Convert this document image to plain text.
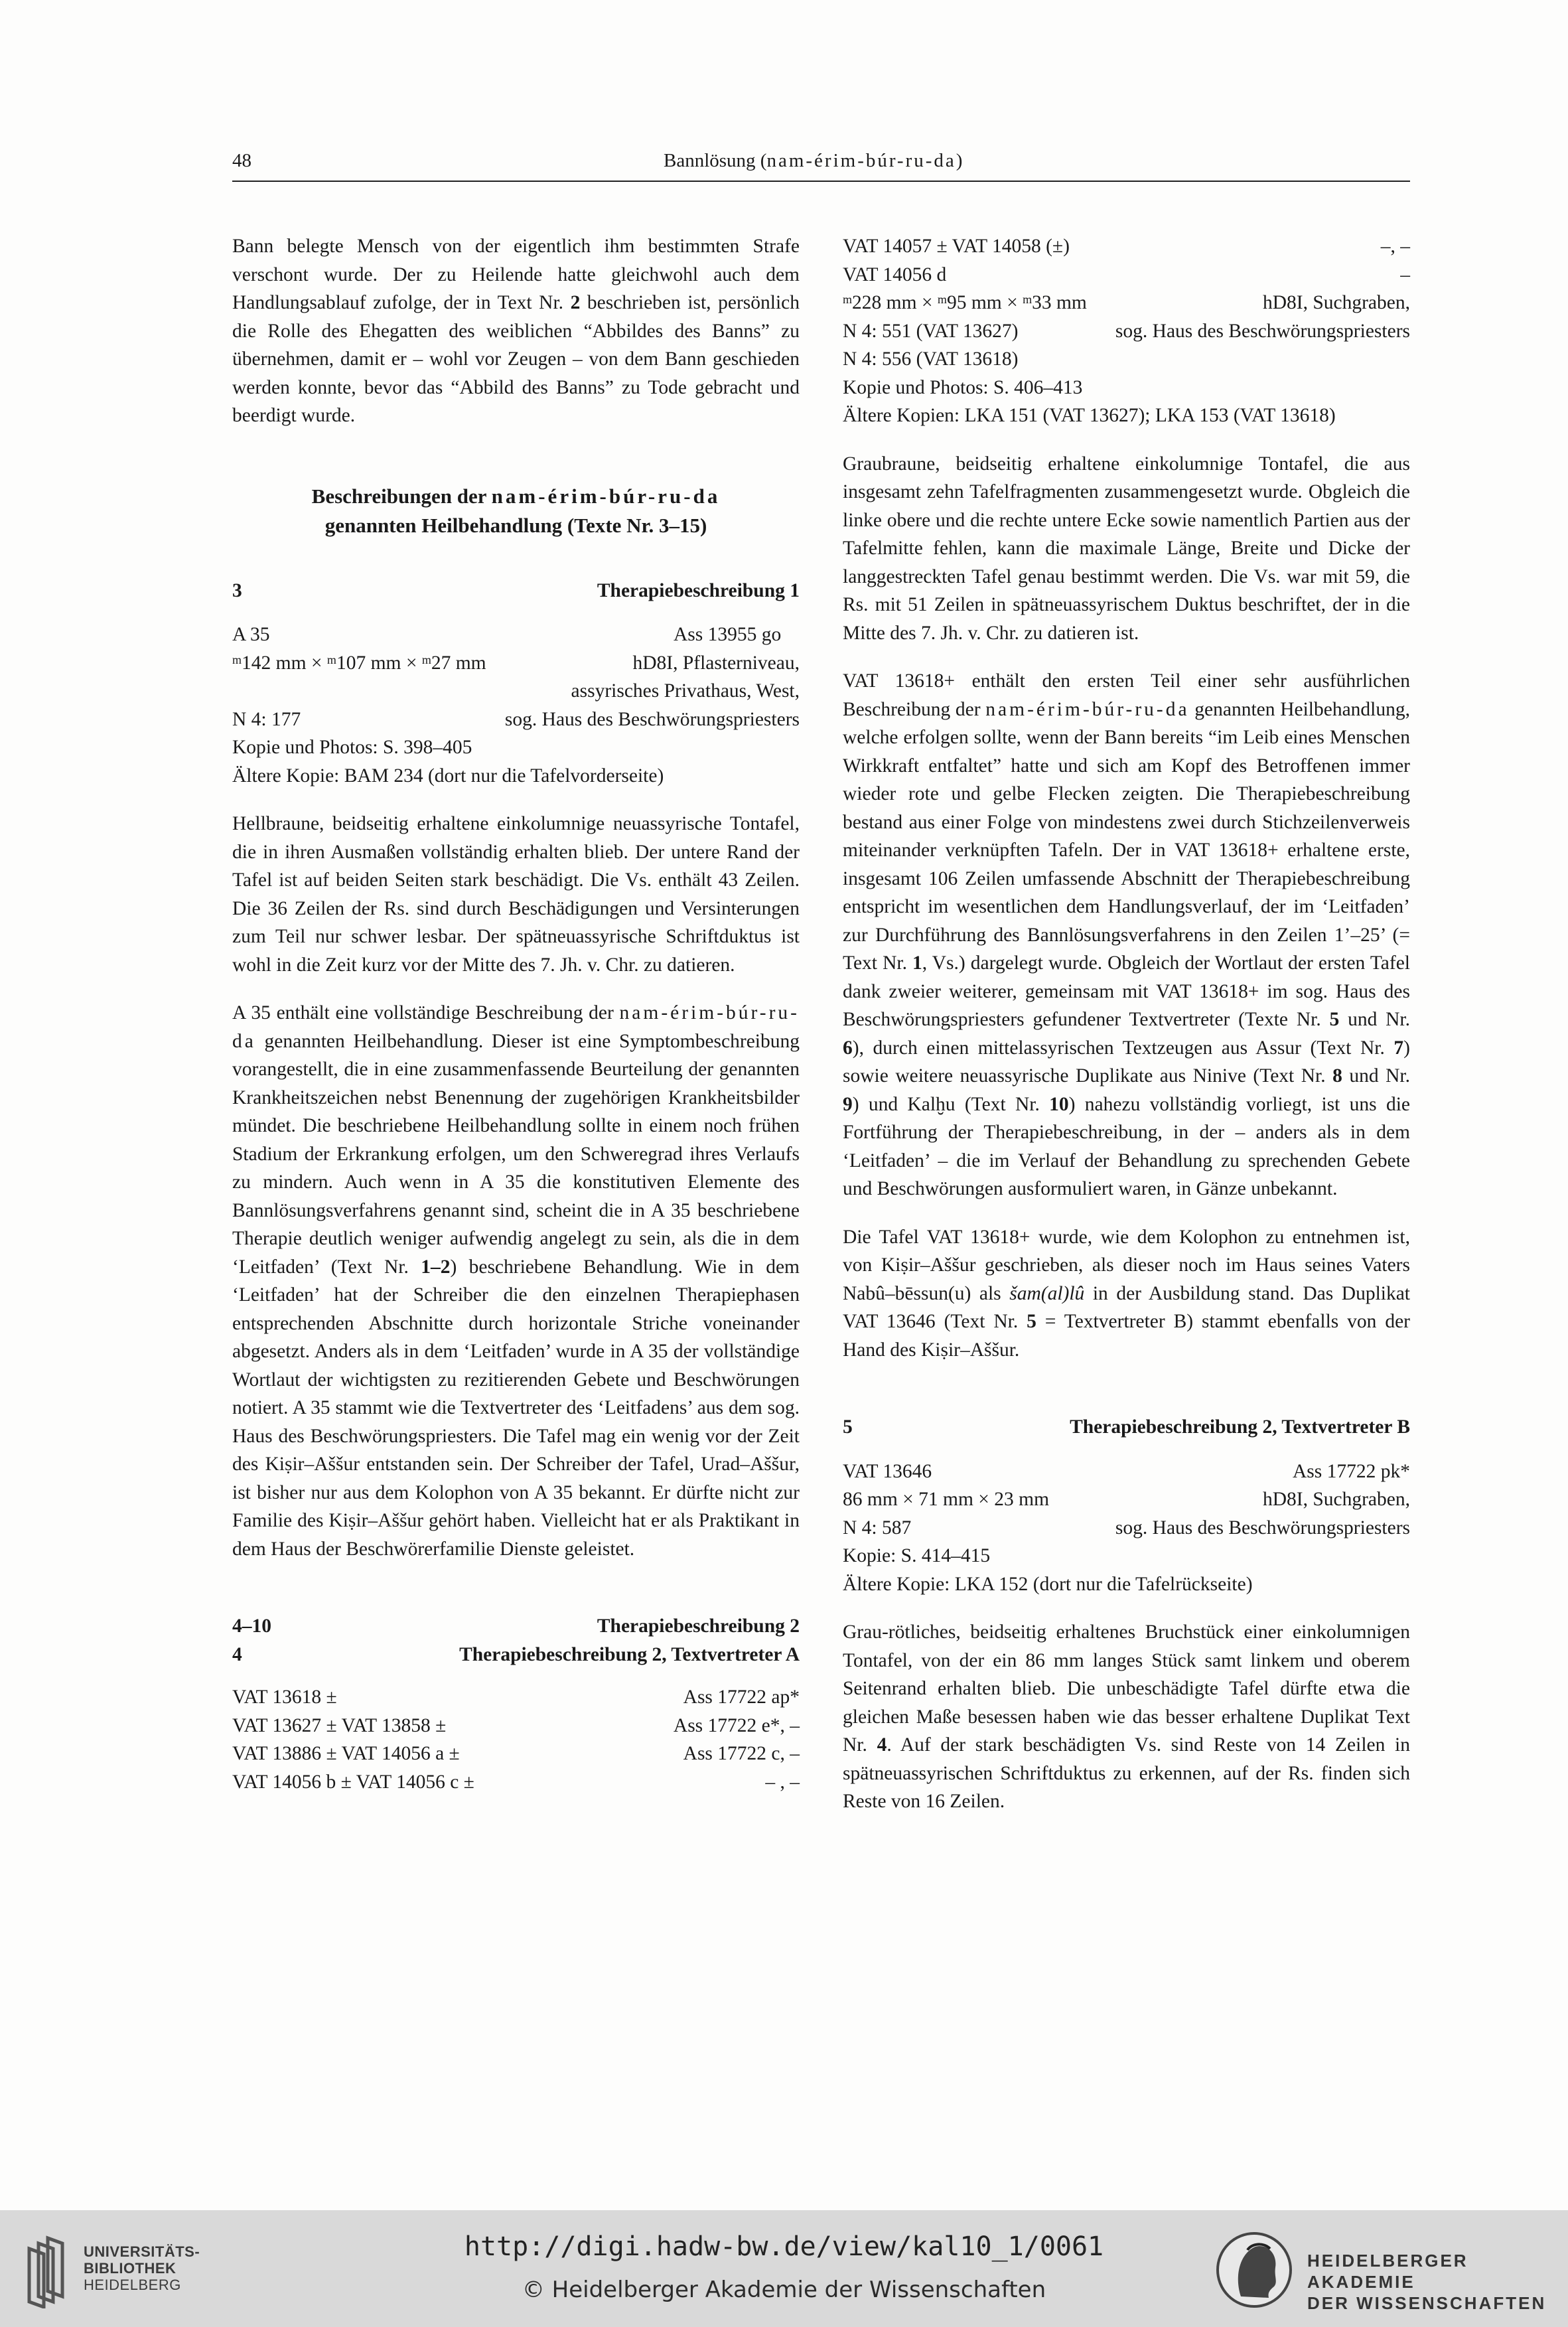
48	Bannlösung (nam-érim-búr-ru-da)

Bann belegte Mensch von der eigentlich ihm bestimmten Strafe verschont wurde. Der zu Heilende hatte gleichwohl auch dem Handlungsablauf zufolge, der in Text Nr. 2 beschrieben ist, persönlich die Rolle des Ehegatten des weiblichen “Abbildes des Banns” zu übernehmen, damit er – wohl vor Zeugen – von dem Bann geschieden werden konnte, bevor das “Abbild des Banns” zu Tode gebracht und beerdigt wurde.

Beschreibungen der nam-érim-búr-ru-da
genannten Heilbehandlung (Texte Nr. 3–15)
3	Therapiebeschreibung 1
A 35	Ass 13955 go
$^m$142 mm × $^m$107 mm × $^m$27 mm	hD8I, Pflasterniveau,
assyrisches Privathaus, West,
N 4: 177	sog. Haus des Beschwörungspriesters
Kopie und Photos: S. 398–405
Ältere Kopie: BAM 234 (dort nur die Tafelvorderseite)

Hellbraune, beidseitig erhaltene einkolumnige neuassyrische Tontafel, die in ihren Ausmaßen vollständig erhalten blieb. Der untere Rand der Tafel ist auf beiden Seiten stark beschädigt. Die Vs. enthält 43 Zeilen. Die 36 Zeilen der Rs. sind durch Beschädigungen und Versinterungen zum Teil nur schwer lesbar. Der spätneuassyrische Schriftduktus ist wohl in die Zeit kurz vor der Mitte des 7. Jh. v. Chr. zu datieren.

A 35 enthält eine vollständige Beschreibung der nam-érim-búr-ru-da genannten Heilbehandlung. Dieser ist eine Symptombeschreibung vorangestellt, die in eine zusammenfassende Beurteilung der genannten Krankheitszeichen nebst Benennung der zugehörigen Krankheitsbilder mündet. Die beschriebene Heilbehandlung sollte in einem noch frühen Stadium der Erkrankung erfolgen, um den Schweregrad ihres Verlaufs zu mindern. Auch wenn in A 35 die konstitutiven Elemente des Bannlösungsverfahrens genannt sind, scheint die in A 35 beschriebene Therapie deutlich weniger aufwendig angelegt zu sein, als die in dem ‘Leitfaden’ (Text Nr. 1–2) beschriebene Behandlung. Wie in dem ‘Leitfaden’ hat der Schreiber die den einzelnen Therapiephasen entsprechenden Abschnitte durch horizontale Striche voneinander abgesetzt. Anders als in dem ‘Leitfaden’ wurde in A 35 der vollständige Wortlaut der wichtigsten zu rezitierenden Gebete und Beschwörungen notiert. A 35 stammt wie die Textvertreter des ‘Leitfadens’ aus dem sog. Haus des Beschwörungspriesters. Die Tafel mag ein wenig vor der Zeit des Kiṣir–Aššur entstanden sein. Der Schreiber der Tafel, Urad–Aššur, ist bisher nur aus dem Kolophon von A 35 bekannt. Er dürfte nicht zur Familie des Kiṣir–Aššur gehört haben. Vielleicht hat er als Praktikant in dem Haus der Beschwörerfamilie Dienste geleistet.

4–10	Therapiebeschreibung 2
4	Therapiebeschreibung 2, Textvertreter A
VAT 13618 ±	Ass 17722 ap*
VAT 13627 ± VAT 13858 ±	Ass 17722 e*, –
VAT 13886 ± VAT 14056 a ±	Ass 17722 c, –
VAT 14056 b ± VAT 14056 c ±	– , –
VAT 14057 ± VAT 14058 (±)	–, –
VAT 14056 d	–
$^m$228 mm × $^m$95 mm × $^m$33 mm	hD8I, Suchgraben,
N 4: 551 (VAT 13627)	sog. Haus des Beschwörungspriesters
N 4: 556 (VAT 13618)
Kopie und Photos: S. 406–413
Ältere Kopien: LKA 151 (VAT 13627); LKA 153 (VAT 13618)

Graubraune, beidseitig erhaltene einkolumnige Tontafel, die aus insgesamt zehn Tafelfragmenten zusammengesetzt wurde. Obgleich die linke obere und die rechte untere Ecke sowie namentlich Partien aus der Tafelmitte fehlen, kann die maximale Länge, Breite und Dicke der langgestreckten Tafel genau bestimmt werden. Die Vs. war mit 59, die Rs. mit 51 Zeilen in spätneuassyrischem Duktus beschriftet, der in die Mitte des 7. Jh. v. Chr. zu datieren ist.

VAT 13618+ enthält den ersten Teil einer sehr ausführlichen Beschreibung der nam-érim-búr-ru-da genannten Heilbehandlung, welche erfolgen sollte, wenn der Bann bereits “im Leib eines Menschen Wirkkraft entfaltet” hatte und sich am Kopf des Betroffenen immer wieder rote und gelbe Flecken zeigten. Die Therapiebeschreibung bestand aus einer Folge von mindestens zwei durch Stichzeilenverweis miteinander verknüpften Tafeln. Der in VAT 13618+ erhaltene erste, insgesamt 106 Zeilen umfassende Abschnitt der Therapiebeschreibung entspricht im wesentlichen dem Handlungsverlauf, der im ‘Leitfaden’ zur Durchführung des Bannlösungsverfahrens in den Zeilen 1’–25’ (= Text Nr. 1, Vs.) dargelegt wurde. Obgleich der Wortlaut der ersten Tafel dank zweier weiterer, gemeinsam mit VAT 13618+ im sog. Haus des Beschwörungspriesters gefundener Textvertreter (Texte Nr. 5 und Nr. 6), durch einen mittelassyrischen Textzeugen aus Assur (Text Nr. 7) sowie weitere neuassyrische Duplikate aus Ninive (Text Nr. 8 und Nr. 9) und Kalḫu (Text Nr. 10) nahezu vollständig vorliegt, ist uns die Fortführung der Therapiebeschreibung, in der – anders als in dem ‘Leitfaden’ – die im Verlauf der Behandlung zu sprechenden Gebete und Beschwörungen ausformuliert waren, in Gänze unbekannt.

Die Tafel VAT 13618+ wurde, wie dem Kolophon zu entnehmen ist, von Kiṣir–Aššur geschrieben, als dieser noch im Haus seines Vaters Nabû–bēssun(u) als šam(al)lû in der Ausbildung stand. Das Duplikat VAT 13646 (Text Nr. 5 = Textvertreter B) stammt ebenfalls von der Hand des Kiṣir–Aššur.

5	Therapiebeschreibung 2, Textvertreter B
VAT 13646	Ass 17722 pk*
86 mm × 71 mm × 23 mm	hD8I, Suchgraben,
N 4: 587	sog. Haus des Beschwörungspriesters
Kopie: S. 414–415
Ältere Kopie: LKA 152 (dort nur die Tafelrückseite)

Grau-rötliches, beidseitig erhaltenes Bruchstück einer einkolumnigen Tontafel, von der ein 86 mm langes Stück samt linkem und oberem Seitenrand erhalten blieb. Die unbeschädigte Tafel dürfte etwa die gleichen Maße besessen haben wie das besser erhaltene Duplikat Text Nr. 4. Auf der stark beschädigten Vs. sind Reste von 14 Zeilen in spätneuassyrischen Schriftduktus zu erkennen, auf der Rs. finden sich Reste von 16 Zeilen.

UNIVERSITÄTS-
BIBLIOTHEK
HEIDELBERG
http://digi.hadw-bw.de/view/kal10_1/0061
© Heidelberger Akademie der Wissenschaften
HEIDELBERGER AKADEMIE
DER WISSENSCHAFTEN
